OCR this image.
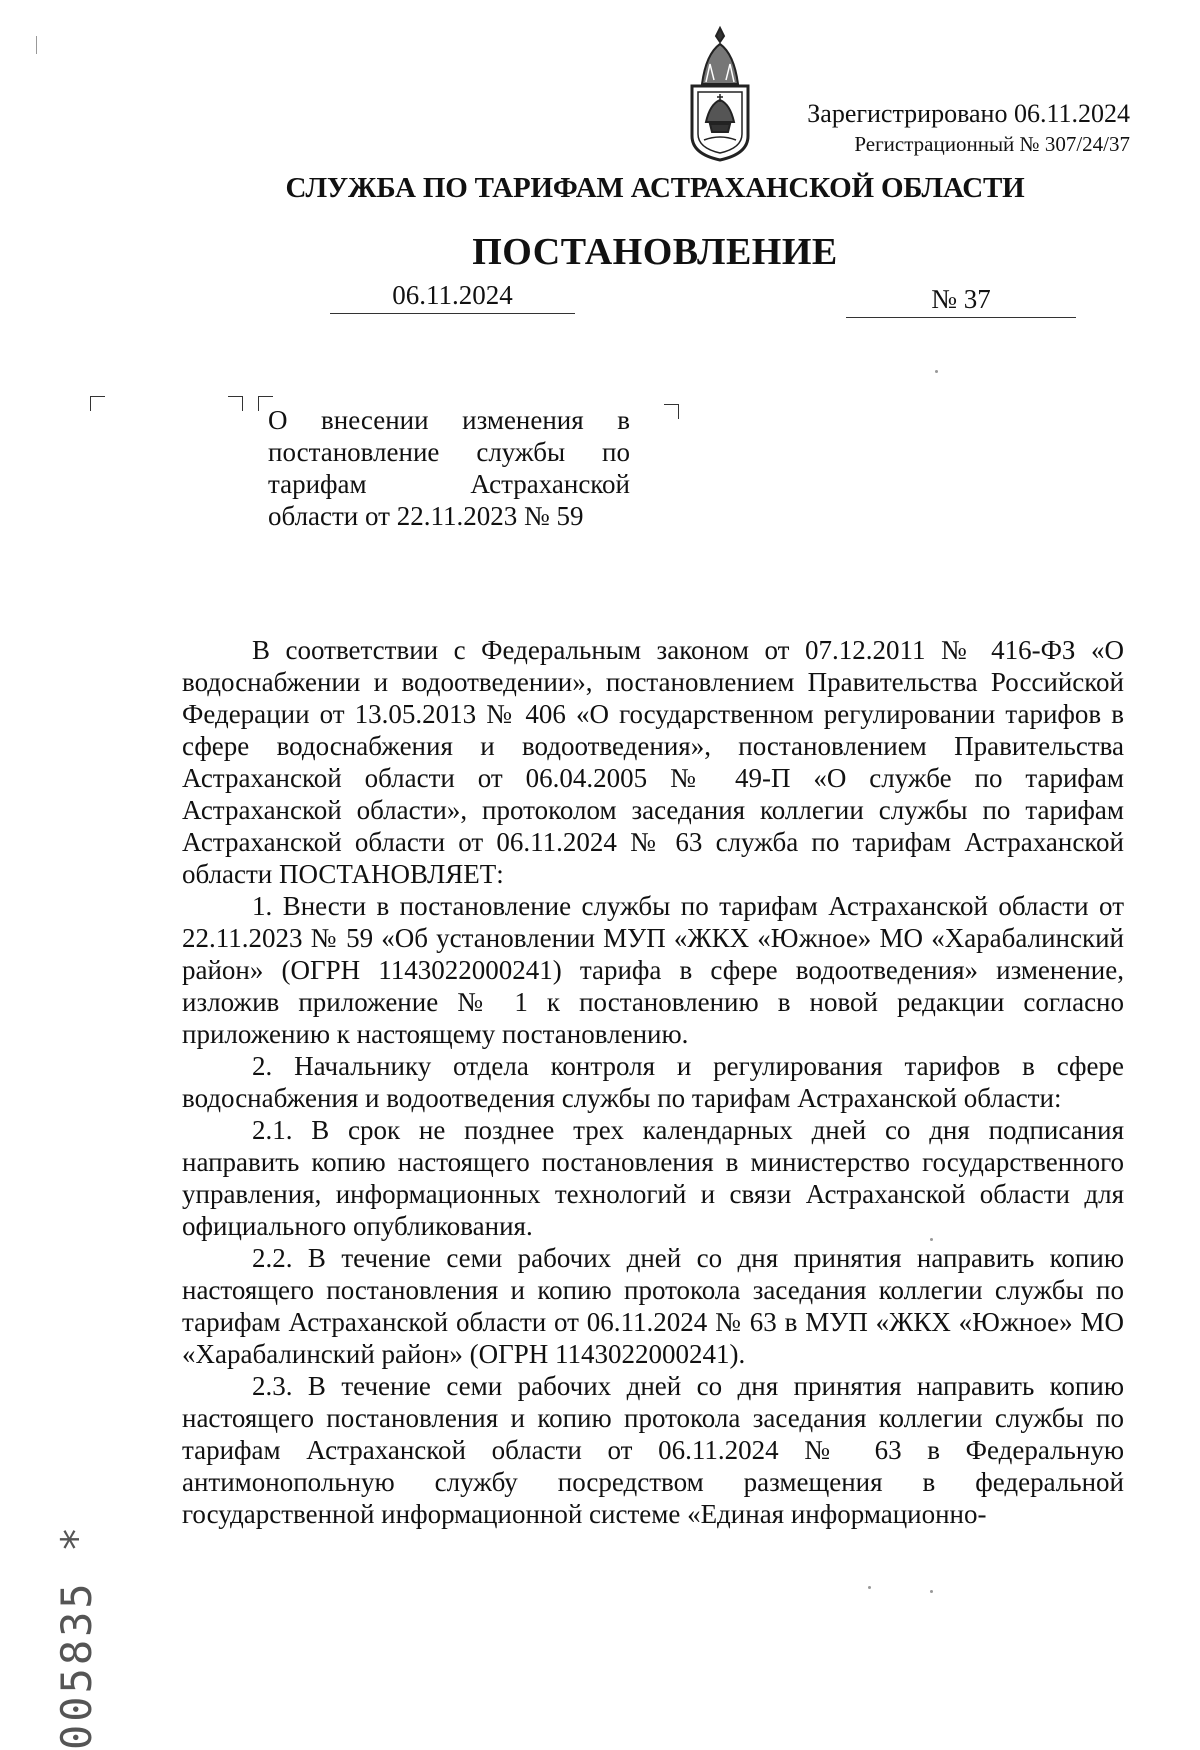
Зарегистрировано 06.11.2024
Регистрационный № 307/24/37
СЛУЖБА ПО ТАРИФАМ АСТРАХАНСКОЙ ОБЛАСТИ
ПОСТАНОВЛЕНИЕ
06.11.2024	№ 37
О внесении изменения в
постановление службы по
тарифам Астраханской
области от 22.11.2023 № 59

В соответствии с Федеральным законом от 07.12.2011 № 416-ФЗ «О водоснабжении и водоотведении», постановлением Правительства Российской Федерации от 13.05.2013 № 406 «О государственном регулировании тарифов в сфере водоснабжения и водоотведения», постановлением Правительства Астраханской области от 06.04.2005 № 49-П «О службе по тарифам Астраханской области», протоколом заседания коллегии службы по тарифам Астраханской области от 06.11.2024 № 63 служба по тарифам Астраханской области ПОСТАНОВЛЯЕТ:

1. Внести в постановление службы по тарифам Астраханской области от 22.11.2023 № 59 «Об установлении МУП «ЖКХ «Южное» МО «Харабалинский район» (ОГРН 1143022000241) тарифа в сфере водоотведения» изменение, изложив приложение № 1 к постановлению в новой редакции согласно приложению к настоящему постановлению.

2. Начальнику отдела контроля и регулирования тарифов в сфере водоснабжения и водоотведения службы по тарифам Астраханской области:

2.1. В срок не позднее трех календарных дней со дня подписания направить копию настоящего постановления в министерство государственного управления, информационных технологий и связи Астраханской области для официального опубликования.

2.2. В течение семи рабочих дней со дня принятия направить копию настоящего постановления и копию протокола заседания коллегии службы по тарифам Астраханской области от 06.11.2024 № 63 в МУП «ЖКХ «Южное» МО «Харабалинский район» (ОГРН 1143022000241).

2.3. В течение семи рабочих дней со дня принятия направить копию настоящего постановления и копию протокола заседания коллегии службы по тарифам Астраханской области от 06.11.2024 № 63 в Федеральную антимонопольную службу посредством размещения в федеральной государственной информационной системе «Единая информационно-

005835 *
